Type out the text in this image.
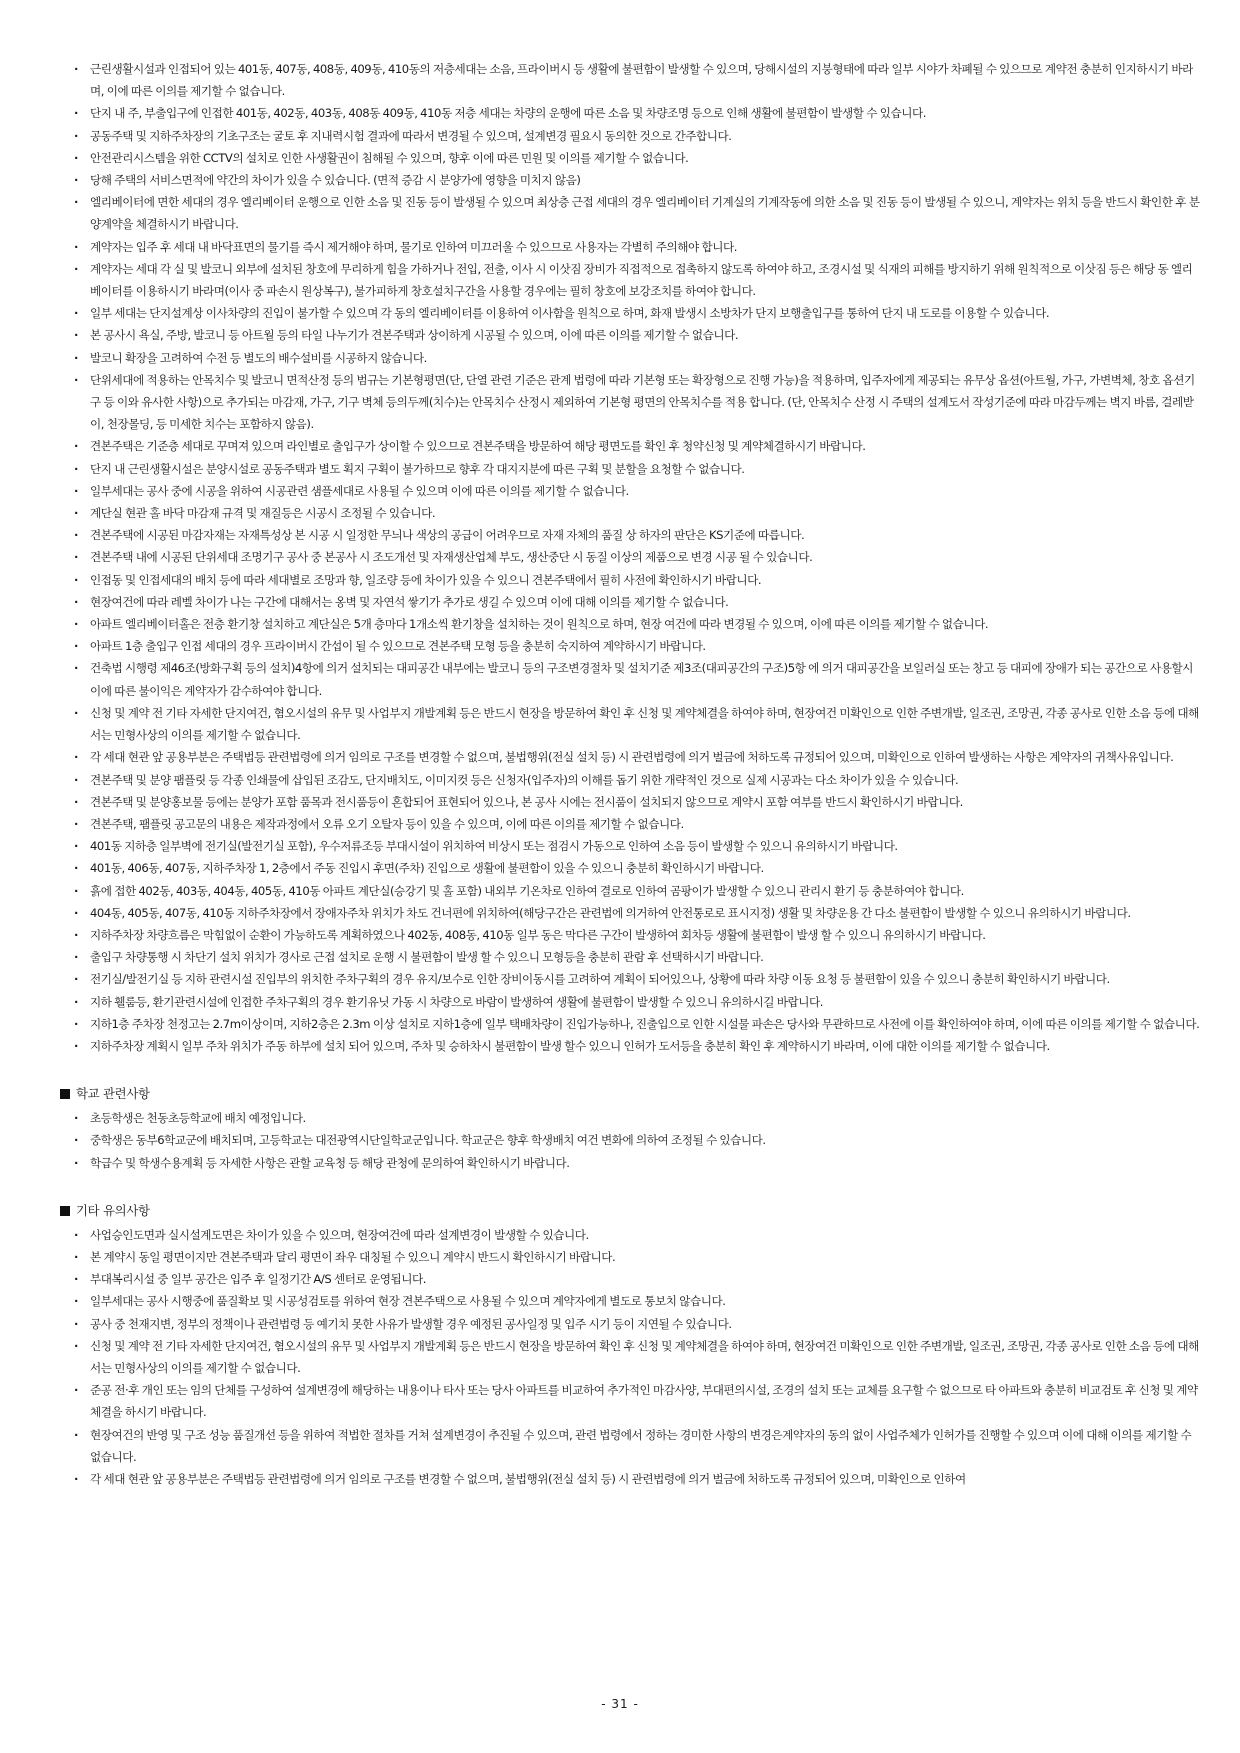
· 근린생활시설과 인접되어 있는 401동, 407동, 408동, 409동, 410동의 저층세대는 소음, 프라이버시 등 생활에 불편함이 발생할 수 있으며, 당해시설의 지붕형태에 따라 일부 시야가 차폐될 수 있으므로 계약전 충분히 인지하시기 바라며, 이에 따른 이의를 제기할 수 없습니다.
· 단지 내 주, 부출입구에 인접한 401동, 402동, 403동, 408동 409동, 410동 저층 세대는 차량의 운행에 따른 소음 및 차량조명 등으로 인해 생활에 불편함이 발생할 수 있습니다.
· 공동주택 및 지하주차장의 기초구조는 굴토 후 지내력시험 결과에 따라서 변경될 수 있으며, 설계변경 필요시 동의한 것으로 간주합니다.
· 안전관리시스템을 위한 CCTV의 설치로 인한 사생활권이 침해될 수 있으며, 향후 이에 따른 민원 및 이의를 제기할 수 없습니다.
· 당해 주택의 서비스면적에 약간의 차이가 있을 수 있습니다. (면적 증감 시 분양가에 영향을 미치지 않음)
· 엘리베이터에 면한 세대의 경우 엘리베이터 운행으로 인한 소음 및 진동 등이 발생될 수 있으며 최상층 근접 세대의 경우 엘리베이터 기계실의 기계작동에 의한 소음 및 진동 등이 발생될 수 있으니, 계약자는 위치 등을 반드시 확인한 후 분양계약을 체결하시기 바랍니다.
· 계약자는 입주 후 세대 내 바닥표면의 물기를 즉시 제거해야 하며, 물기로 인하여 미끄러울 수 있으므로 사용자는 각별히 주의해야 합니다.
· 계약자는 세대 각 실 및 발코니 외부에 설치된 창호에 무리하게 힘을 가하거나 전입, 전출, 이사 시 이삿짐 장비가 직접적으로 접촉하지 않도록 하여야 하고, 조경시설 및 식재의 피해를 방지하기 위해 원칙적으로 이삿짐 등은 해당 동 엘리베이터를 이용하시기 바라며(이사 중 파손시 원상복구), 불가피하게 창호설치구간을 사용할 경우에는 필히 창호에 보강조치를 하여야 합니다.
· 일부 세대는 단지설계상 이사차량의 진입이 불가할 수 있으며 각 동의 엘리베이터를 이용하여 이사함을 원칙으로 하며, 화재 발생시 소방차가 단지 보행출입구를 통하여 단지 내 도로를 이용할 수 있습니다.
· 본 공사시 욕실, 주방, 발코니 등 아트월 등의 타일 나누기가 견본주택과 상이하게 시공될 수 있으며, 이에 따른 이의를 제기할 수 없습니다.
· 발코니 확장을 고려하여 수전 등 별도의 배수설비를 시공하지 않습니다.
· 단위세대에 적용하는 안목치수 및 발코니 면적산정 등의 범규는 기본형평면(단, 단열 관련 기준은 관계 법령에 따라 기본형 또는 확장형으로 진행 가능)을 적용하며, 입주자에게 제공되는 유무상 옵션(아트월, 가구, 가변벽체, 창호 옵션기구 등 이와 유사한 사항)으로 추가되는 마감재, 가구, 기구 벽체 등의두께(치수)는 안목치수 산정시 제외하여 기본형 평면의 안목치수를 적용 합니다. (단, 안목치수 산정 시 주택의 설계도서 작성기준에 따라 마감두께는 벽지 바름, 걸레받이, 천장몰딩, 등 미세한 치수는 포함하지 않음).
· 견본주택은 기준층 세대로 꾸며져 있으며 라인별로 출입구가 상이할 수 있으므로 견본주택을 방문하여 해당 평면도를 확인 후 청약신청 및 계약체결하시기 바랍니다.
· 단지 내 근린생활시설은 분양시설로 공동주택과 별도 획지 구획이 불가하므로 향후 각 대지지분에 따른 구획 및 분할을 요청할 수 없습니다.
· 일부세대는 공사 중에 시공을 위하여 시공관련 샘플세대로 사용될 수 있으며 이에 따른 이의를 제기할 수 없습니다.
· 계단실 현관 홀 바닥 마감재 규격 및 재질등은 시공시 조정될 수 있습니다.
· 견본주택에 시공된 마감자재는 자재특성상 본 시공 시 일정한 무늬나 색상의 공급이 어려우므로 자재 자체의 품질 상 하자의 판단은 KS기준에 따릅니다.
· 견본주택 내에 시공된 단위세대 조명기구 공사 중 본공사 시 조도개선 및 자재생산업체 부도, 생산중단 시 동질 이상의 제품으로 변경 시공 될 수 있습니다.
· 인접동 및 인접세대의 배치 등에 따라 세대별로 조망과 향, 일조량 등에 차이가 있을 수 있으니 견본주택에서 필히 사전에 확인하시기 바랍니다.
· 현장여건에 따라 레벨 차이가 나는 구간에 대해서는 옹벽 및 자연석 쌓기가 추가로 생길 수 있으며 이에 대해 이의를 제기할 수 없습니다.
· 아파트 엘리베이터홀은 전층 환기창 설치하고 계단실은 5개 층마다 1개소씩 환기창을 설치하는 것이 원칙으로 하며, 현장 여건에 따라 변경될 수 있으며, 이에 따른 이의를 제기할 수 없습니다.
· 아파트 1층 출입구 인접 세대의 경우 프라이버시 간섭이 될 수 있으므로 견본주택 모형 등을 충분히 숙지하여 계약하시기 바랍니다.
· 건축법 시행령 제46조(방화구획 등의 설치)4항에 의거 설치되는 대피공간 내부에는 발코니 등의 구조변경절차 및 설치기준 제3조(대피공간의 구조)5항 에 의거 대피공간을 보일러실 또는 창고 등 대피에 장애가 되는 공간으로 사용할시 이에 따른 불이익은 계약자가 감수하여야 합니다.
· 신청 및 계약 전 기타 자세한 단지여건, 혐오시설의 유무 및 사업부지 개발계획 등은 반드시 현장을 방문하여 확인 후 신청 및 계약체결을 하여야 하며, 현장여건 미확인으로 인한 주변개발, 일조권, 조망권, 각종 공사로 인한 소음 등에 대해서는 민형사상의 이의를 제기할 수 없습니다.
· 각 세대 현관 앞 공용부분은 주택법등 관련법령에 의거 임의로 구조를 변경할 수 없으며, 불법행위(전실 설치 등) 시 관련법령에 의거 벌금에 처하도록 규정되어 있으며, 미확인으로 인하여 발생하는 사항은 계약자의 귀책사유입니다.
· 견본주택 및 분양 팸플릿 등 각종 인쇄물에 삽입된 조감도, 단지배치도, 이미지컷 등은 신청자(입주자)의 이해를 돕기 위한 개략적인 것으로 실제 시공과는 다소 차이가 있을 수 있습니다.
· 견본주택 및 분양홍보물 등에는 분양가 포함 품목과 전시품등이 혼합되어 표현되어 있으나, 본 공사 시에는 전시품이 설치되지 않으므로 계약시 포함 여부를 반드시 확인하시기 바랍니다.
· 견본주택, 팸플릿 공고문의 내용은 제작과정에서 오류 오기 오탈자 등이 있을 수 있으며, 이에 따른 이의를 제기할 수 없습니다.
· 401동 지하층 일부벽에 전기실(발전기실 포함), 우수저류조등 부대시설이 위치하여 비상시 또는 점검시 가동으로 인하여 소음 등이 발생할 수 있으니 유의하시기 바랍니다.
· 401동, 406동, 407동, 지하주차장 1, 2층에서 주동 진입시 후면(주차) 진입으로 생활에 불편함이 있을 수 있으니 충분히 확인하시기 바랍니다.
· 흙에 접한 402동, 403동, 404동, 405동, 410동 아파트 계단실(승강기 및 홀 포함) 내외부 기온차로 인하여 결로로 인하여 곰팡이가 발생할 수 있으니 관리시 환기 등 충분하여야 합니다.
· 404동, 405동, 407동, 410동 지하주차장에서 장애자주차 위치가 차도 건너편에 위치하여(해당구간은 관련법에 의거하여 안전통로로 표시지정) 생활 및 차량운용 간 다소 불편함이 발생할 수 있으니 유의하시기 바랍니다.
· 지하주차장 차량흐름은 막힘없이 순환이 가능하도록 계획하였으나 402동, 408동, 410동 일부 동은 막다른 구간이 발생하여 회차등 생활에 불편함이 발생 할 수 있으니 유의하시기 바랍니다.
· 출입구 차량통행 시 차단기 설치 위치가 경사로 근접 설치로 운행 시 불편함이 발생 할 수 있으니 모형등을 충분히 관람 후 선택하시기 바랍니다.
· 전기실/발전기실 등 지하 관련시설 진입부의 위치한 주차구획의 경우 유지/보수로 인한 장비이동시를 고려하여 계획이 되어있으나, 상황에 따라 차량 이동 요청 등 불편함이 있을 수 있으니 충분히 확인하시기 바랍니다.
· 지하 휄룸등, 환기관련시설에 인접한 주차구획의 경우 환기유닛 가동 시 차량으로 바람이 발생하여 생활에 불편함이 발생할 수 있으니 유의하시길 바랍니다.
· 지하1층 주차장 천정고는 2.7m이상이며, 지하2층은 2.3m 이상 설치로 지하1층에 일부 택배차량이 진입가능하나, 진출입으로 인한 시설물 파손은 당사와 무관하므로 사전에 이를 확인하여야 하며, 이에 따른 이의를 제기할 수 없습니다.
· 지하주차장 계획시 일부 주차 위치가 주동 하부에 설치 되어 있으며, 주차 및 승하차시 불편함이 발생 할수 있으니 인허가 도서등을 충분히 확인 후 계약하시기 바라며, 이에 대한 이의를 제기할 수 없습니다.
학교 관련사항
· 초등학생은 천동초등학교에 배치 예정입니다.
· 중학생은 동부6학교군에 배치되며, 고등학교는 대전광역시단일학교군입니다. 학교군은 향후 학생배치 여건 변화에 의하여 조정될 수 있습니다.
· 학급수 및 학생수용계획 등 자세한 사항은 관할 교육청 등 해당 관청에 문의하여 확인하시기 바랍니다.
기타 유의사항
· 사업승인도면과 실시설계도면은 차이가 있을 수 있으며, 현장여건에 따라 설계변경이 발생할 수 있습니다.
· 본 계약시 동일 평면이지만 견본주택과 달리 평면이 좌우 대칭될 수 있으니 계약시 반드시 확인하시기 바랍니다.
· 부대복리시설 중 일부 공간은 입주 후 일정기간 A/S 센터로 운영됩니다.
· 일부세대는 공사 시행중에 품질확보 및 시공성검토를 위하여 현장 견본주택으로 사용될 수 있으며 계약자에게 별도로 통보치 않습니다.
· 공사 중 천재지변, 정부의 정책이나 관련법령 등 예기치 못한 사유가 발생할 경우 예정된 공사일정 및 입주 시기 등이 지연될 수 있습니다.
· 신청 및 계약 전 기타 자세한 단지여건, 혐오시설의 유무 및 사업부지 개발계획 등은 반드시 현장을 방문하여 확인 후 신청 및 계약체결을 하여야 하며, 현장여건 미확인으로 인한 주변개발, 일조권, 조망권, 각종 공사로 인한 소음 등에 대해서는 민형사상의 이의를 제기할 수 없습니다.
· 준공 전·후 개인 또는 임의 단체를 구성하여 설계변경에 해당하는 내용이나 타사 또는 당사 아파트를 비교하여 추가적인 마감사양, 부대편의시설, 조경의 설치 또는 교체를 요구할 수 없으므로 타 아파트와 충분히 비교검토 후 신청 및 계약체결을 하시기 바랍니다.
· 현장여건의 반영 및 구조 성능 품질개선 등을 위하여 적법한 절차를 거쳐 설계변경이 추진될 수 있으며, 관련 법령에서 정하는 경미한 사항의 변경은계약자의 동의 없이 사업주체가 인허가를 진행할 수 있으며 이에 대해 이의를 제기할 수 없습니다.
· 각 세대 현관 앞 공용부분은 주택법등 관련법령에 의거 임의로 구조를 변경할 수 없으며, 불법행위(전실 설치 등) 시 관련법령에 의거 벌금에 처하도록 규정되어 있으며, 미확인으로 인하여
- 31 -
